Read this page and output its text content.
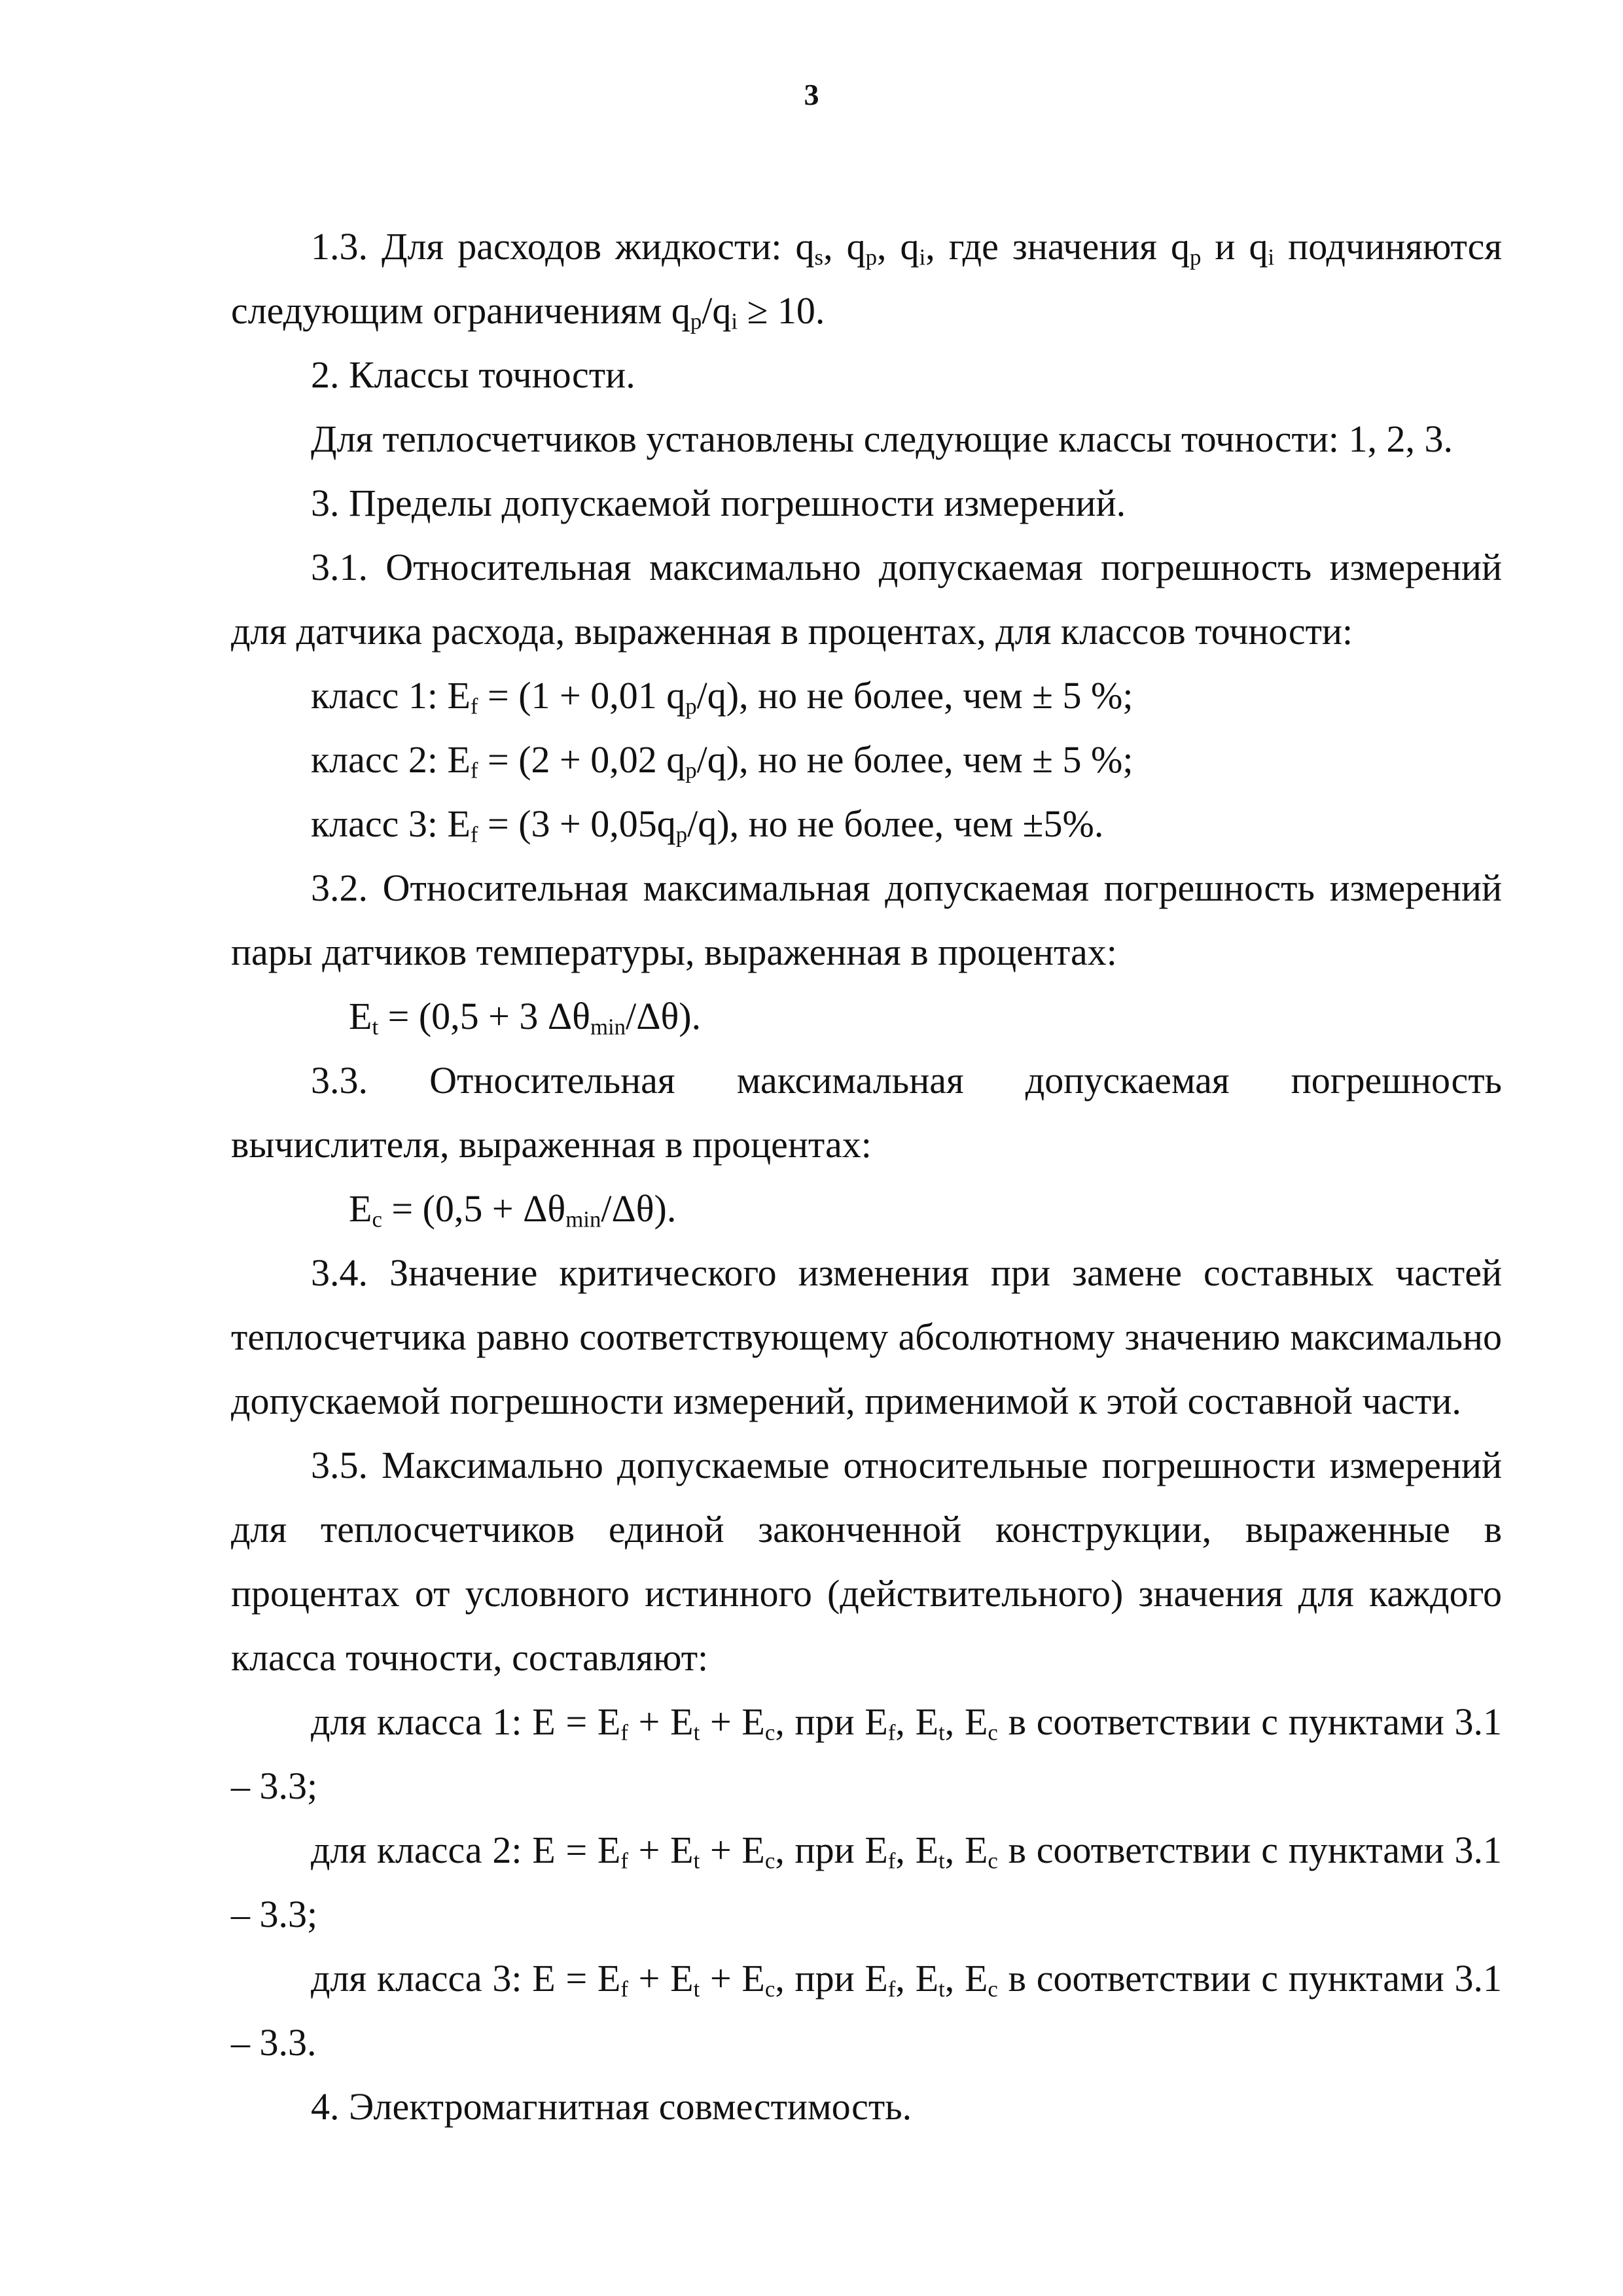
3

1.3. Для расходов жидкости: $q_s$, $q_p$, $q_i$, где значения $q_p$ и $q_i$ подчиняются следующим ограничениям $q_p/q_i \ge 10$.

2. Классы точности.

Для теплосчетчиков установлены следующие классы точности: 1, 2, 3.

3. Пределы допускаемой погрешности измерений.

3.1. Относительная максимально допускаемая погрешность измерений для датчика расхода, выраженная в процентах, для классов точности:

класс 1: $E_f = (1 + 0,01$ $q_p/q$), но не более, чем ± 5 %;

класс 2: $E_f = (2 + 0,02$ $q_p/q$), но не более, чем ± 5 %;

класс 3: $E_f = (3 + 0,05q_p/q)$, но не более, чем ±5%.

3.2. Относительная максимальная допускаемая погрешность измерений пары датчиков температуры, выраженная в процентах:

$E_t = (0,5 + 3$ $\Delta\theta_{min}/\Delta\theta$).

3.3. Относительная максимальная допускаемая погрешность вычислителя, выраженная в процентах:

$E_c = (0,5 + \Delta\theta_{min}/\Delta\theta)$.

3.4. Значение критического изменения при замене составных частей теплосчетчика равно соответствующему абсолютному значению максимально допускаемой погрешности измерений, применимой к этой составной части.

3.5. Максимально допускаемые относительные погрешности измерений для теплосчетчиков единой законченной конструкции, выраженные в процентах от условного истинного (действительного) значения для каждого класса точности, составляют:

для класса 1: $E = E_f + E_t + E_c$, при $E_f$, $E_t$, $E_c$ в соответствии с пунктами 3.1 – 3.3;

для класса 2: $E = E_f + E_t + E_c$, при $E_f$, $E_t$, $E_c$ в соответствии с пунктами 3.1 – 3.3;

для класса 3: $E = E_f + E_t + E_c$, при $E_f$, $E_t$, $E_c$ в соответствии с пунктами 3.1 – 3.3.

4. Электромагнитная совместимость.
